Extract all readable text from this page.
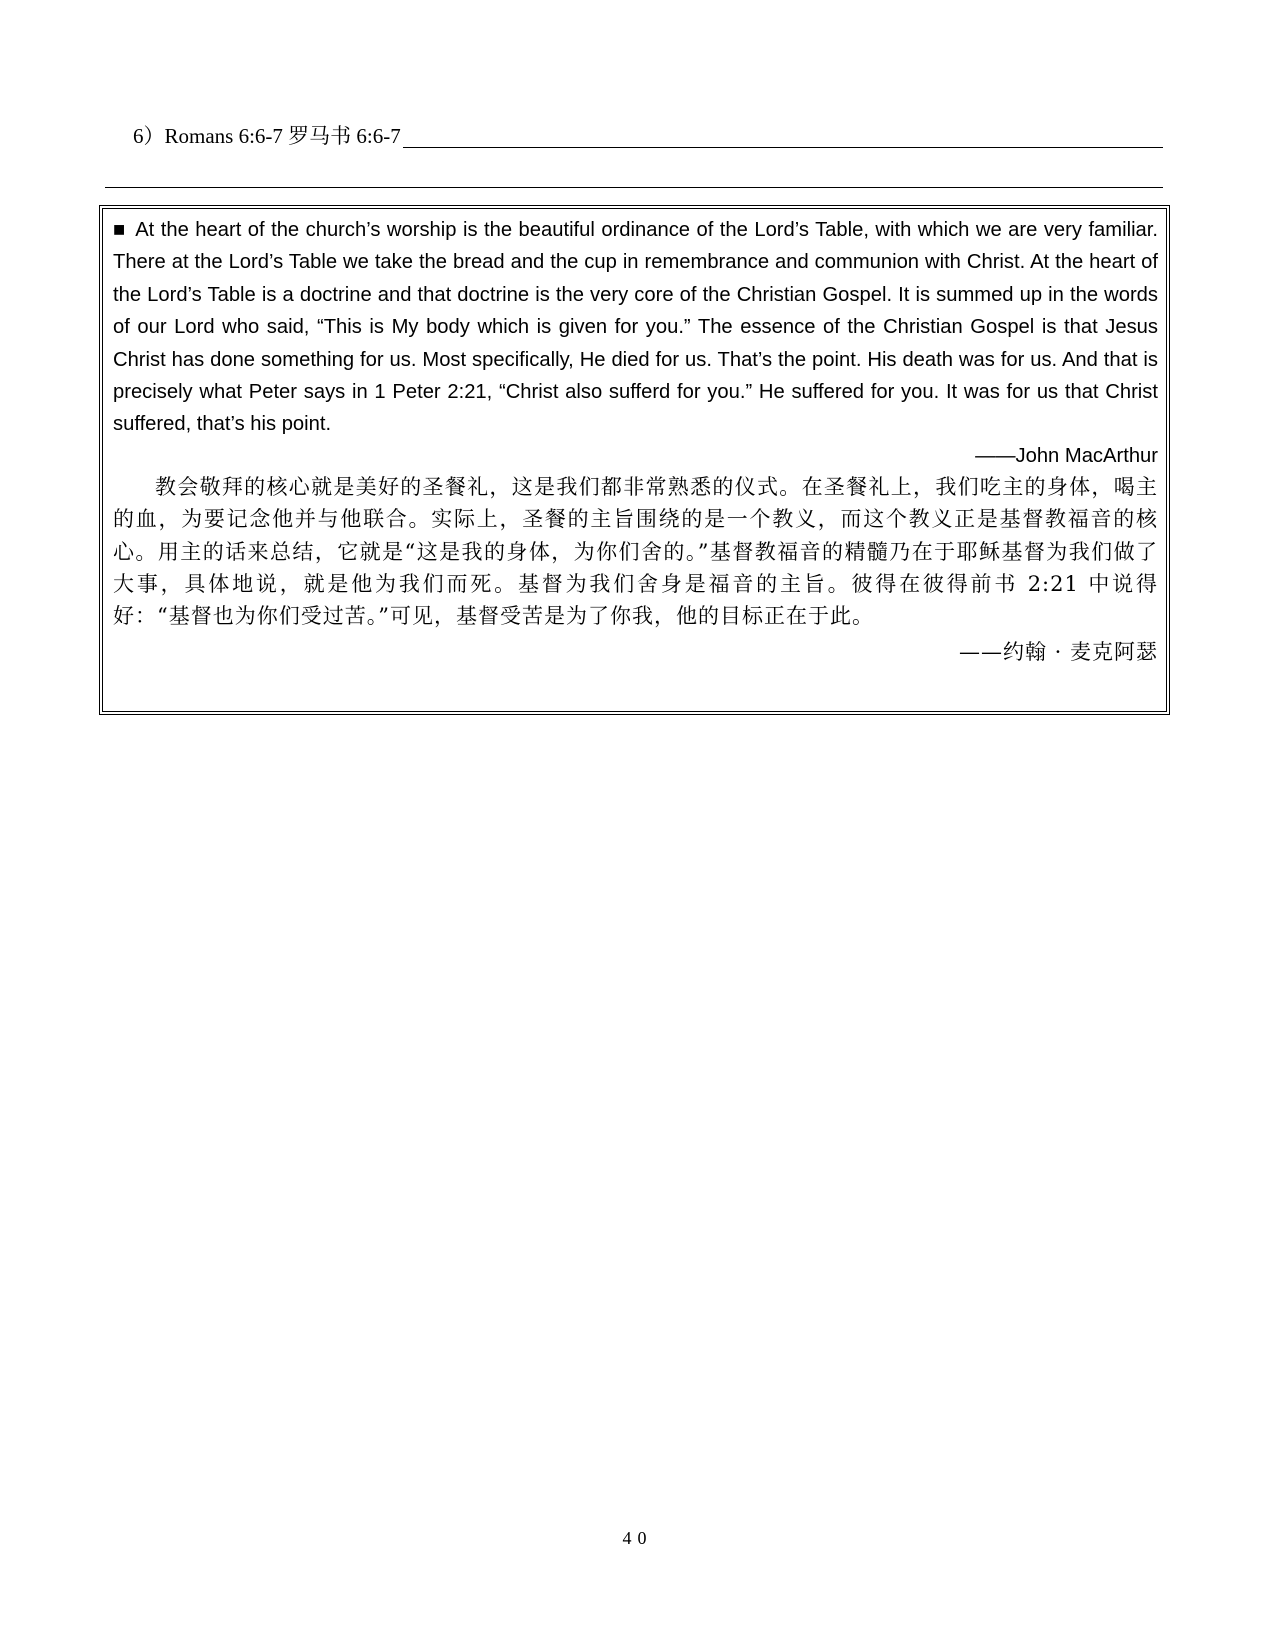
6）Romans 6:6-7 罗马书 6:6-7

■ At the heart of the church’s worship is the beautiful ordinance of the Lord’s Table, with which we are very familiar. There at the Lord’s Table we take the bread and the cup in remembrance and communion with Christ. At the heart of the Lord’s Table is a doctrine and that doctrine is the very core of the Christian Gospel. It is summed up in the words of our Lord who said, “This is My body which is given for you.” The essence of the Christian Gospel is that Jesus Christ has done something for us. Most specifically, He died for us. That’s the point. His death was for us. And that is precisely what Peter says in 1 Peter 2:21, “Christ also sufferd for you.” He suffered for you. It was for us that Christ suffered, that’s his point.

——John MacArthur

教会敬拜的核心就是美好的圣餐礼，这是我们都非常熟悉的仪式。在圣餐礼上，我们吃主的身体，喝主的血，为要记念他并与他联合。实际上，圣餐的主旨围绕的是一个教义，而这个教义正是基督教福音的核心。用主的话来总结，它就是“这是我的身体，为你们舍的。”基督教福音的精髓乃在于耶稣基督为我们做了大事，具体地说，就是他为我们而死。基督为我们舍身是福音的主旨。彼得在彼得前书 2:21 中说得好：“基督也为你们受过苦。”可见，基督受苦是为了你我，他的目标正在于此。

——约翰 · 麦克阿瑟

40
